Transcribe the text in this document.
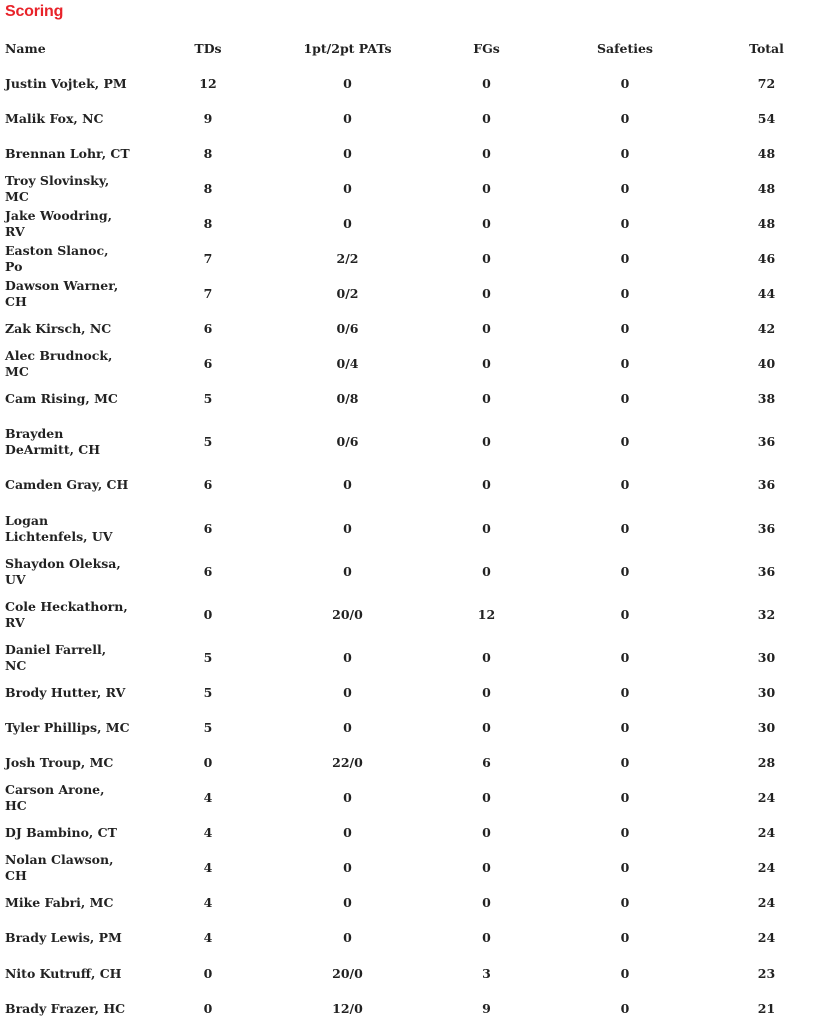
Scoring
Name	TDs	1pt/2pt PATs	FGs	Safeties	Total
Justin Vojtek, PM	12	0	0	0	72
Malik Fox, NC	9	0	0	0	54
Brennan Lohr, CT	8	0	0	0	48
Troy Slovinsky, MC	8	0	0	0	48
Jake Woodring, RV	8	0	0	0	48
Easton Slanoc, Po	7	2/2	0	0	46
Dawson Warner, CH	7	0/2	0	0	44
Zak Kirsch, NC	6	0/6	0	0	42
Alec Brudnock, MC	6	0/4	0	0	40
Cam Rising, MC	5	0/8	0	0	38
Brayden DeArmitt, CH	5	0/6	0	0	36
Camden Gray, CH	6	0	0	0	36
Logan Lichtenfels, UV	6	0	0	0	36
Shaydon Oleksa, UV	6	0	0	0	36
Cole Heckathorn, RV	0	20/0	12	0	32
Daniel Farrell, NC	5	0	0	0	30
Brody Hutter, RV	5	0	0	0	30
Tyler Phillips, MC	5	0	0	0	30
Josh Troup, MC	0	22/0	6	0	28
Carson Arone, HC	4	0	0	0	24
DJ Bambino, CT	4	0	0	0	24
Nolan Clawson, CH	4	0	0	0	24
Mike Fabri, MC	4	0	0	0	24
Brady Lewis, PM	4	0	0	0	24
Nito Kutruff, CH	0	20/0	3	0	23
Brady Frazer, HC	0	12/0	9	0	21
